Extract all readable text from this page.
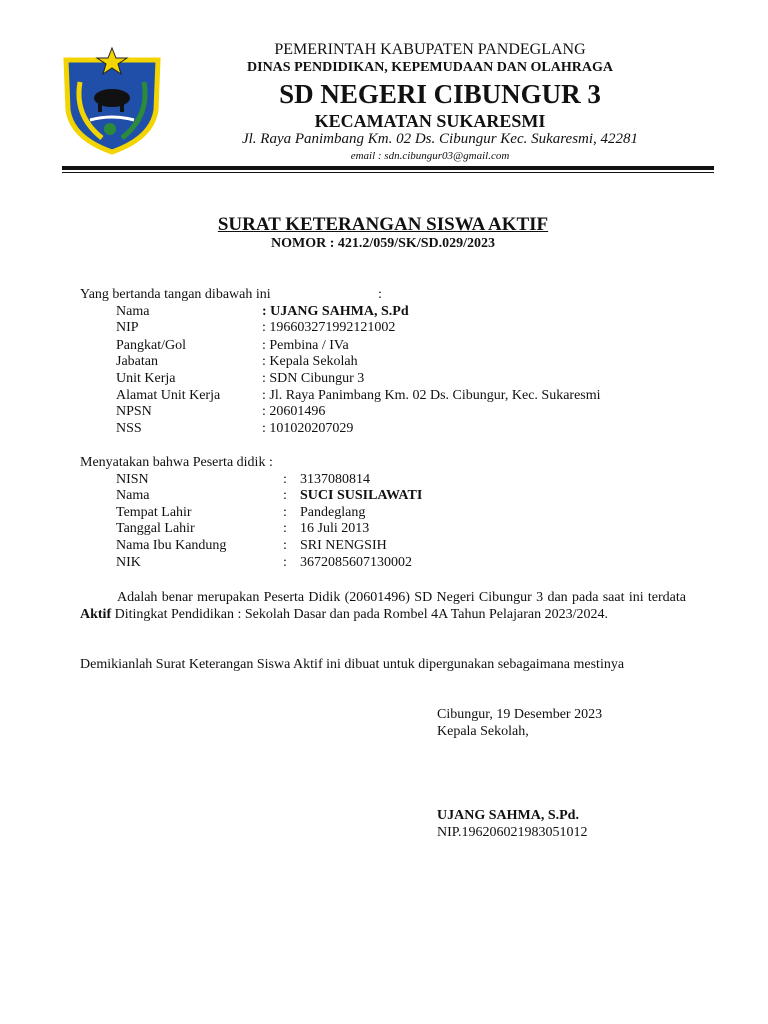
PEMERINTAH KABUPATEN PANDEGLANG
DINAS PENDIDIKAN, KEPEMUDAAN DAN OLAHRAGA
SD NEGERI CIBUNGUR 3
KECAMATAN SUKARESMI
Jl. Raya Panimbang Km. 02 Ds. Cibungur Kec. Sukaresmi, 42281
email : sdn.cibungur03@gmail.com
SURAT KETERANGAN SISWA AKTIF
NOMOR : 421.2/059/SK/SD.029/2023
Yang bertanda tangan dibawah ini	:
Nama	: UJANG SAHMA, S.Pd
NIP	: 196603271992121002
Pangkat/Gol	: Pembina / IVa
Jabatan	: Kepala Sekolah
Unit Kerja	: SDN Cibungur 3
Alamat Unit Kerja	: Jl. Raya Panimbang Km. 02 Ds. Cibungur, Kec. Sukaresmi
NPSN	: 20601496
NSS	: 101020207029
Menyatakan bahwa Peserta didik :
NISN	: 3137080814
Nama	: SUCI SUSILAWATI
Tempat Lahir	: Pandeglang
Tanggal Lahir	: 16 Juli 2013
Nama Ibu Kandung	: SRI NENGSIH
NIK	: 3672085607130002
Adalah benar merupakan Peserta Didik (20601496) SD Negeri Cibungur 3 dan pada saat ini terdata Aktif Ditingkat Pendidikan : Sekolah Dasar dan pada Rombel 4A Tahun Pelajaran 2023/2024.
Demikianlah Surat Keterangan Siswa Aktif ini dibuat untuk dipergunakan sebagaimana mestinya
Cibungur, 19 Desember 2023
Kepala Sekolah,
UJANG SAHMA, S.Pd.
NIP.196206021983051012
